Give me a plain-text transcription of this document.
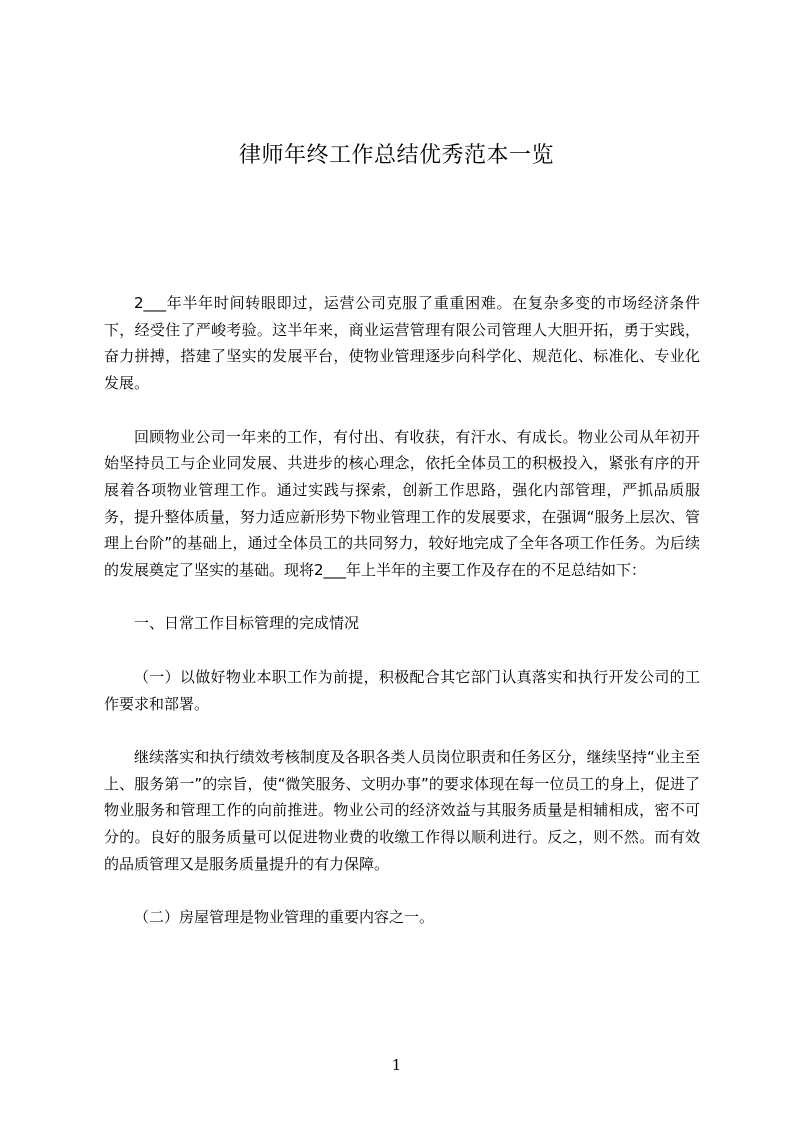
律师年终工作总结优秀范本一览

2___年半年时间转眼即过，运营公司克服了重重困难。在复杂多变的市场经济条件下，经受住了严峻考验。这半年来，商业运营管理有限公司管理人大胆开拓，勇于实践，奋力拼搏，搭建了坚实的发展平台，使物业管理逐步向科学化、规范化、标准化、专业化发展。

回顾物业公司一年来的工作，有付出、有收获，有汗水、有成长。物业公司从年初开始坚持员工与企业同发展、共进步的核心理念，依托全体员工的积极投入，紧张有序的开展着各项物业管理工作。通过实践与探索，创新工作思路，强化内部管理，严抓品质服务，提升整体质量，努力适应新形势下物业管理工作的发展要求，在强调“服务上层次、管理上台阶”的基础上，通过全体员工的共同努力，较好地完成了全年各项工作任务。为后续的发展奠定了坚实的基础。现将2___年上半年的主要工作及存在的不足总结如下：

一、日常工作目标管理的完成情况

（一）以做好物业本职工作为前提，积极配合其它部门认真落实和执行开发公司的工作要求和部署。

继续落实和执行绩效考核制度及各职各类人员岗位职责和任务区分，继续坚持“业主至上、服务第一”的宗旨，使“微笑服务、文明办事”的要求体现在每一位员工的身上，促进了物业服务和管理工作的向前推进。物业公司的经济效益与其服务质量是相辅相成，密不可分的。良好的服务质量可以促进物业费的收缴工作得以顺利进行。反之，则不然。而有效的品质管理又是服务质量提升的有力保障。

（二）房屋管理是物业管理的重要内容之一。

1
